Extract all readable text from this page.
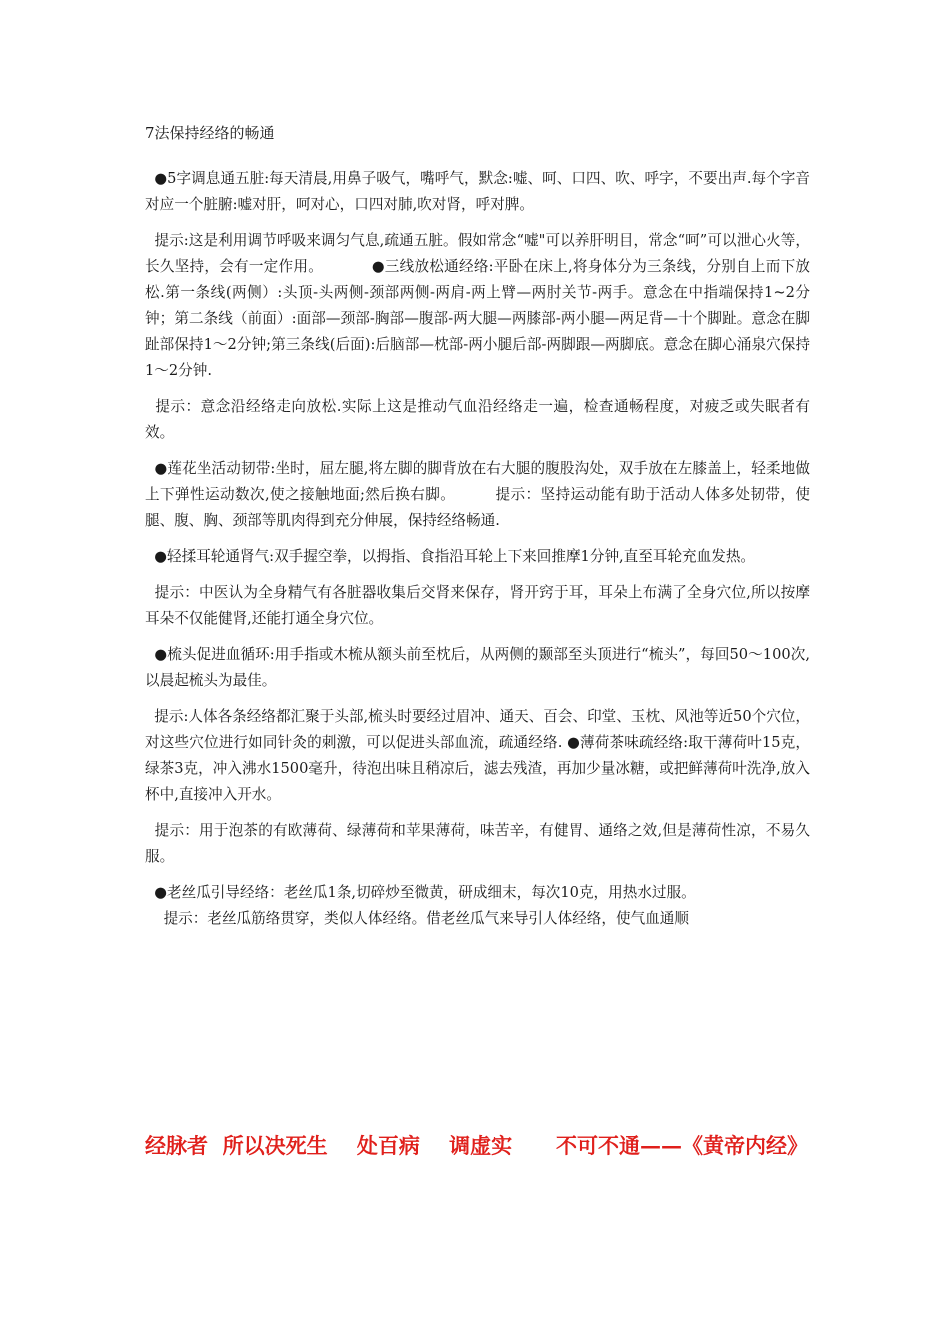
7法保持经络的畅通
●5字调息通五脏:每天清晨,用鼻子吸气，嘴呼气，默念:嘘、呵、口四、吹、呼字，不要出声.每个字音对应一个脏腑:嘘对肝，呵对心，口四对肺,吹对肾，呼对脾。
提示:这是利用调节呼吸来调匀气息,疏通五脏。假如常念“嘘"可以养肝明目，常念“呵”可以泄心火等，长久坚持，会有一定作用。          ●三线放松通经络:平卧在床上,将身体分为三条线，分别自上而下放松.第一条线(两侧）:头顶-头两侧-颈部两侧-两肩-两上臂—两肘关节-两手。意念在中指端保持1~2分钟；第二条线（前面）:面部—颈部-胸部—腹部-两大腿—两膝部-两小腿—两足背—十个脚趾。意念在脚趾部保持1～2分钟;第三条线(后面):后脑部—枕部-两小腿后部-两脚跟—两脚底。意念在脚心涌泉穴保持1～2分钟.
提示：意念沿经络走向放松.实际上这是推动气血沿经络走一遍，检查通畅程度，对疲乏或失眠者有效。
●莲花坐活动韧带:坐时，屈左腿,将左脚的脚背放在右大腿的腹股沟处，双手放在左膝盖上，轻柔地做上下弹性运动数次,使之接触地面;然后换右脚。        提示：坚持运动能有助于活动人体多处韧带，使腿、腹、胸、颈部等肌肉得到充分伸展，保持经络畅通.
●轻揉耳轮通肾气:双手握空拳，以拇指、食指沿耳轮上下来回推摩1分钟,直至耳轮充血发热。
提示：中医认为全身精气有各脏器收集后交肾来保存，肾开窍于耳，耳朵上布满了全身穴位,所以按摩耳朵不仅能健肾,还能打通全身穴位。
●梳头促进血循环:用手指或木梳从额头前至枕后，从两侧的颞部至头顶进行“梳头”，每回50～100次,以晨起梳头为最佳。
提示:人体各条经络都汇聚于头部,梳头时要经过眉冲、通天、百会、印堂、玉枕、风池等近50个穴位，对这些穴位进行如同针灸的刺激，可以促进头部血流，疏通经络. ●薄荷茶味疏经络:取干薄荷叶15克，绿茶3克，冲入沸水1500毫升，待泡出味且稍凉后，滤去残渣，再加少量冰糖，或把鲜薄荷叶洗净,放入杯中,直接冲入开水。
提示：用于泡茶的有欧薄荷、绿薄荷和苹果薄荷，味苦辛，有健胃、通络之效,但是薄荷性凉，不易久服。
●老丝瓜引导经络：老丝瓜1条,切碎炒至微黄，研成细末，每次10克，用热水过服。
提示：老丝瓜筋络贯穿，类似人体经络。借老丝瓜气来导引人体经络，使气血通顺
经脉者  所以决死生    处百病    调虚实      不可不通——《黄帝内经》
